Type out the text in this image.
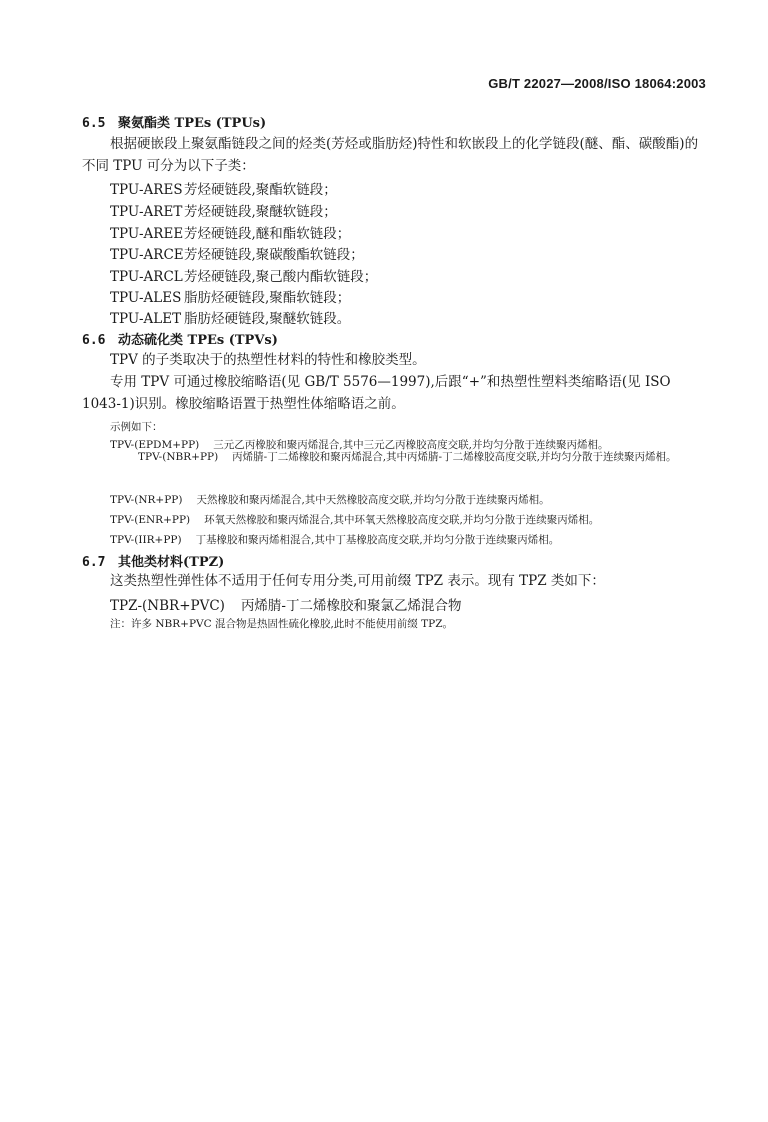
GB/T 22027—2008/ISO 18064:2003
6.5 聚氨酯类 TPEs (TPUs)
根据硬嵌段上聚氨酯链段之间的烃类(芳烃或脂肪烃)特性和软嵌段上的化学链段(醚、酯、碳酸酯)的不同 TPU 可分为以下子类：
TPU-ARES芳烃硬链段,聚酯软链段；
TPU-ARET 芳烃硬链段,聚醚软链段；
TPU-AREE芳烃硬链段,醚和酯软链段；
TPU-ARCE芳烃硬链段,聚碳酸酯软链段；
TPU-ARCL芳烃硬链段,聚己酸内酯软链段；
TPU-ALES 脂肪烃硬链段,聚酯软链段；
TPU-ALET 脂肪烃硬链段,聚醚软链段。
6.6 动态硫化类 TPEs (TPVs)
TPV 的子类取决于的热塑性材料的特性和橡胶类型。
专用 TPV 可通过橡胶缩略语(见 GB/T 5576—1997),后跟“+”和热塑性塑料类缩略语(见 ISO 1043-1)识别。橡胶缩略语置于热塑性体缩略语之前。
示例如下：
TPV-(EPDM+PP) 三元乙丙橡胶和聚丙烯混合,其中三元乙丙橡胶高度交联,并均匀分散于连续聚丙烯相。
TPV-(NBR+PP) 丙烯腈-丁二烯橡胶和聚丙烯混合,其中丙烯腈-丁二烯橡胶高度交联,并均匀分散于连续聚丙烯相。
TPV-(NR+PP) 天然橡胶和聚丙烯混合,其中天然橡胶高度交联,并均匀分散于连续聚丙烯相。
TPV-(ENR+PP) 环氧天然橡胶和聚丙烯混合,其中环氧天然橡胶高度交联,并均匀分散于连续聚丙烯相。
TPV-(IIR+PP) 丁基橡胶和聚丙烯相混合,其中丁基橡胶高度交联,并均匀分散于连续聚丙烯相。
6.7 其他类材料(TPZ)
这类热塑性弹性体不适用于任何专用分类,可用前缀 TPZ 表示。现有 TPZ 类如下：
TPZ-(NBR+PVC) 丙烯腈-丁二烯橡胶和聚氯乙烯混合物
注：许多 NBR+PVC 混合物是热固性硫化橡胶,此时不能使用前缀 TPZ。
